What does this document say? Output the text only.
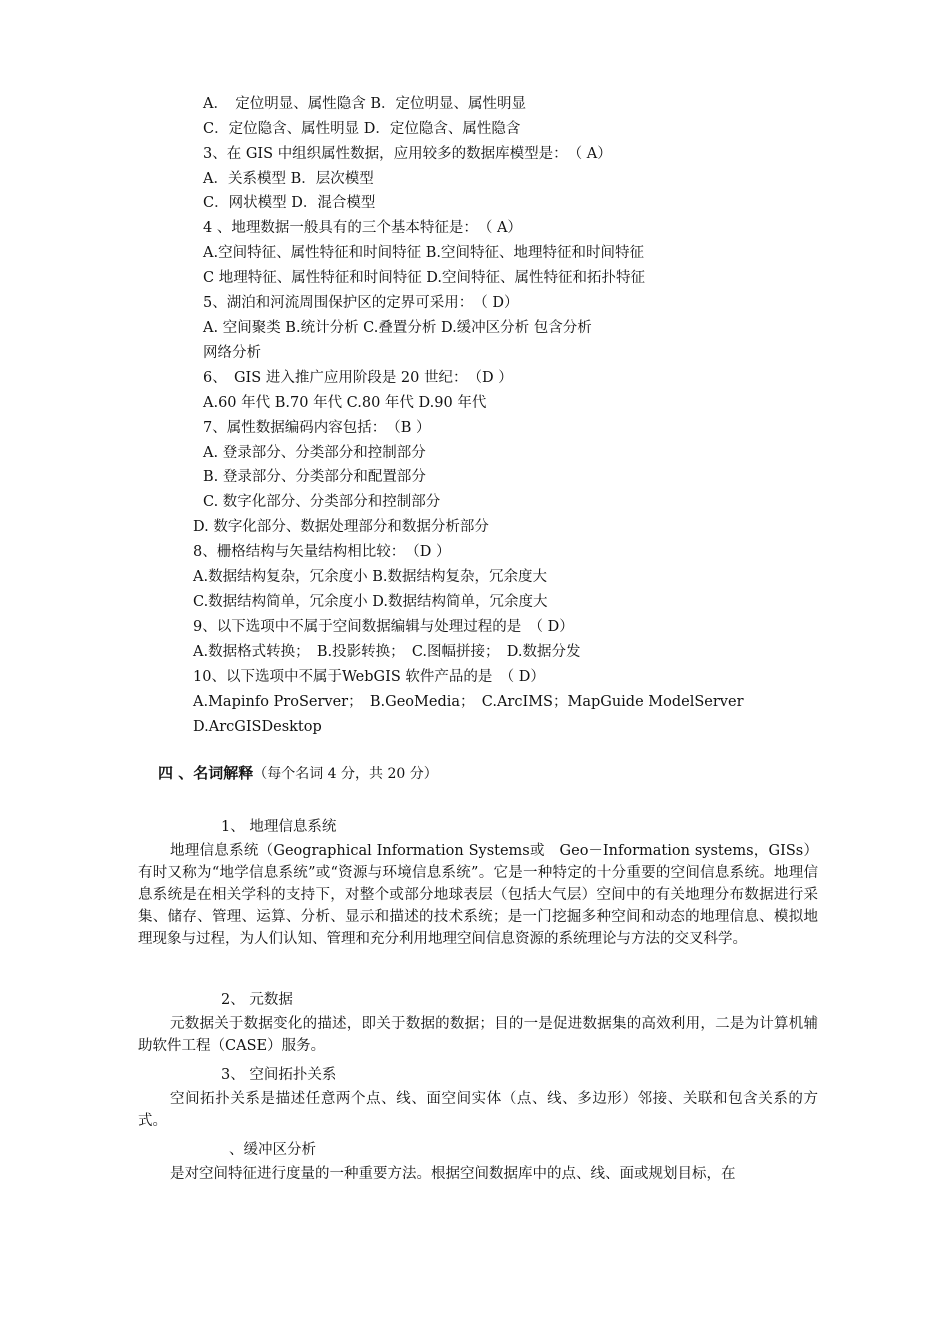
A．　定位明显、属性隐含 B．定位明显、属性明显
C．定位隐含、属性明显 D．定位隐含、属性隐含
3、在 GIS 中组织属性数据，应用较多的数据库模型是：　（ A）
A．关系模型 B．层次模型
C．网状模型 D．混合模型
4 、地理数据一般具有的三个基本特征是：　（ A）
A.空间特征、属性特征和时间特征 B.空间特征、地理特征和时间特征
C 地理特征、属性特征和时间特征 D.空间特征、属性特征和拓扑特征
5、湖泊和河流周围保护区的定界可采用：　（ D）
A. 空间聚类 B.统计分析 C.叠置分析 D.缓冲区分析 包含分析
网络分析
6、　GIS 进入推广应用阶段是 20 世纪：　（D ）
A.60 年代 B.70 年代 C.80 年代 D.90 年代
7、属性数据编码内容包括：　（B ）
A. 登录部分、分类部分和控制部分
B. 登录部分、分类部分和配置部分
C. 数字化部分、分类部分和控制部分
D. 数字化部分、数据处理部分和数据分析部分
8、栅格结构与矢量结构相比较：　（D ）
A.数据结构复杂，冗余度小 B.数据结构复杂，冗余度大
C.数据结构简单，冗余度小 D.数据结构简单，冗余度大
9、以下选项中不属于空间数据编辑与处理过程的是　（ D）
A.数据格式转换；　B.投影转换；　C.图幅拼接；　D.数据分发
10、以下选项中不属于WebGIS 软件产品的是　（ D）
A.Mapinfo ProServer；　B.GeoMedia；　C.ArcIMS；MapGuide ModelServer
D.ArcGISDesktop
四 、名词解释（每个名词 4 分，共 20 分）
1、 地理信息系统
地理信息系统（Geographical Information Systems或　Geo－Information systems，GISs）有时又称为“地学信息系统”或“资源与环境信息系统”。它是一种特定的十分重要的空间信息系统。地理信息系统是在相关学科的支持下，对整个或部分地球表层（包括大气层）空间中的有关地理分布数据进行采集、储存、管理、运算、分析、显示和描述的技术系统；是一门挖掘多种空间和动态的地理信息、模拟地理现象与过程，为人们认知、管理和充分利用地理空间信息资源的系统理论与方法的交叉科学。
2、 元数据
元数据关于数据变化的描述，即关于数据的数据；目的一是促进数据集的高效利用，二是为计算机辅助软件工程（CASE）服务。
3、 空间拓扑关系
空间拓扑关系是描述任意两个点、线、面空间实体（点、线、多边形）邻接、关联和包含关系的方式。
、缓冲区分析
是对空间特征进行度量的一种重要方法。根据空间数据库中的点、线、面或规划目标，在
